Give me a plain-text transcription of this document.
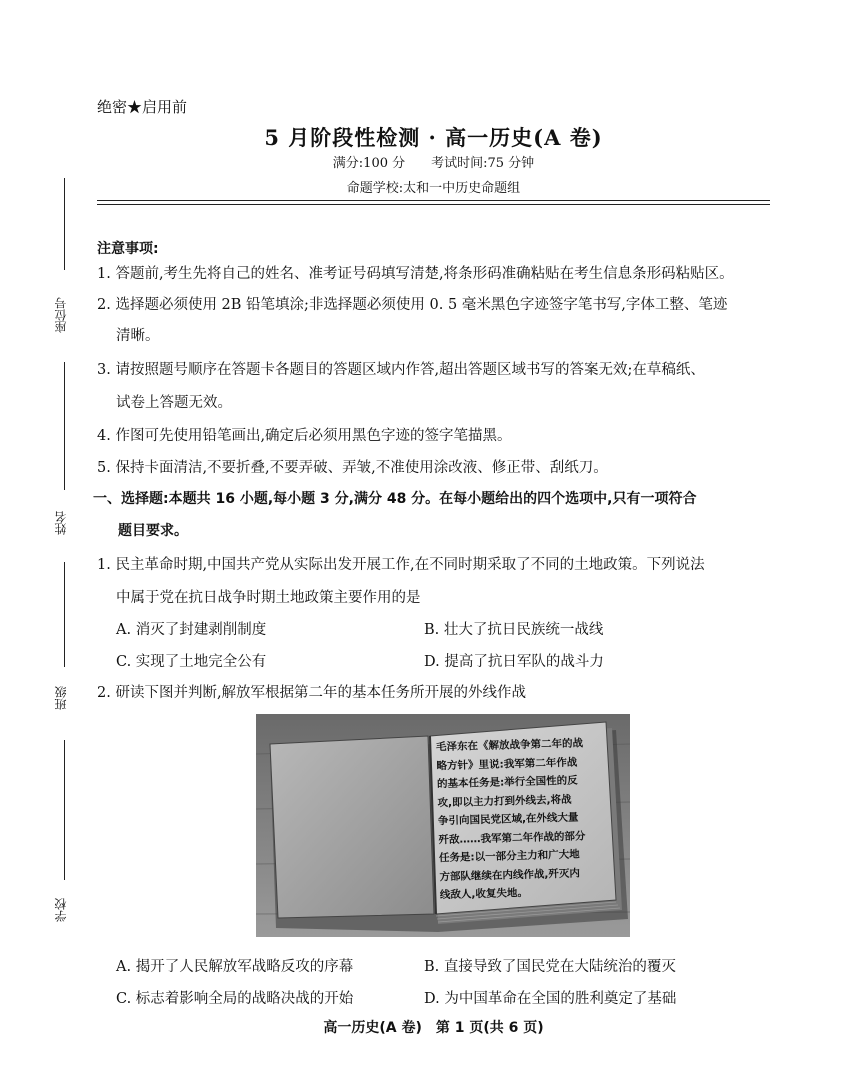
绝密★启用前
5 月阶段性检测 · 高一历史(A 卷)
满分:100 分　　考试时间:75 分钟
命题学校:太和一中历史命题组
座位号
姓名
班级
学校
注意事项:
1. 答题前,考生先将自己的姓名、准考证号码填写清楚,将条形码准确粘贴在考生信息条形码粘贴区。
2. 选择题必须使用 2B 铅笔填涂;非选择题必须使用 0. 5 毫米黑色字迹签字笔书写,字体工整、笔迹
清晰。
3. 请按照题号顺序在答题卡各题目的答题区域内作答,超出答题区域书写的答案无效;在草稿纸、
试卷上答题无效。
4. 作图可先使用铅笔画出,确定后必须用黑色字迹的签字笔描黑。
5. 保持卡面清洁,不要折叠,不要弄破、弄皱,不准使用涂改液、修正带、刮纸刀。
一、选择题:本题共 16 小题,每小题 3 分,满分 48 分。在每小题给出的四个选项中,只有一项符合
题目要求。
1. 民主革命时期,中国共产党从实际出发开展工作,在不同时期采取了不同的土地政策。下列说法
中属于党在抗日战争时期土地政策主要作用的是
A. 消灭了封建剥削制度	B. 壮大了抗日民族统一战线
C. 实现了土地完全公有	D. 提高了抗日军队的战斗力
2. 研读下图并判断,解放军根据第二年的基本任务所开展的外线作战
毛泽东在《解放战争第二年的战
略方针》里说:我军第二年作战
的基本任务是:举行全国性的反
攻,即以主力打到外线去,将战
争引向国民党区域,在外线大量
歼敌……我军第二年作战的部分
任务是:以一部分主力和广大地
方部队继续在内线作战,歼灭内
线敌人,收复失地。
A. 揭开了人民解放军战略反攻的序幕	B. 直接导致了国民党在大陆统治的覆灭
C. 标志着影响全局的战略决战的开始	D. 为中国革命在全国的胜利奠定了基础
高一历史(A 卷)　第 1 页(共 6 页)
